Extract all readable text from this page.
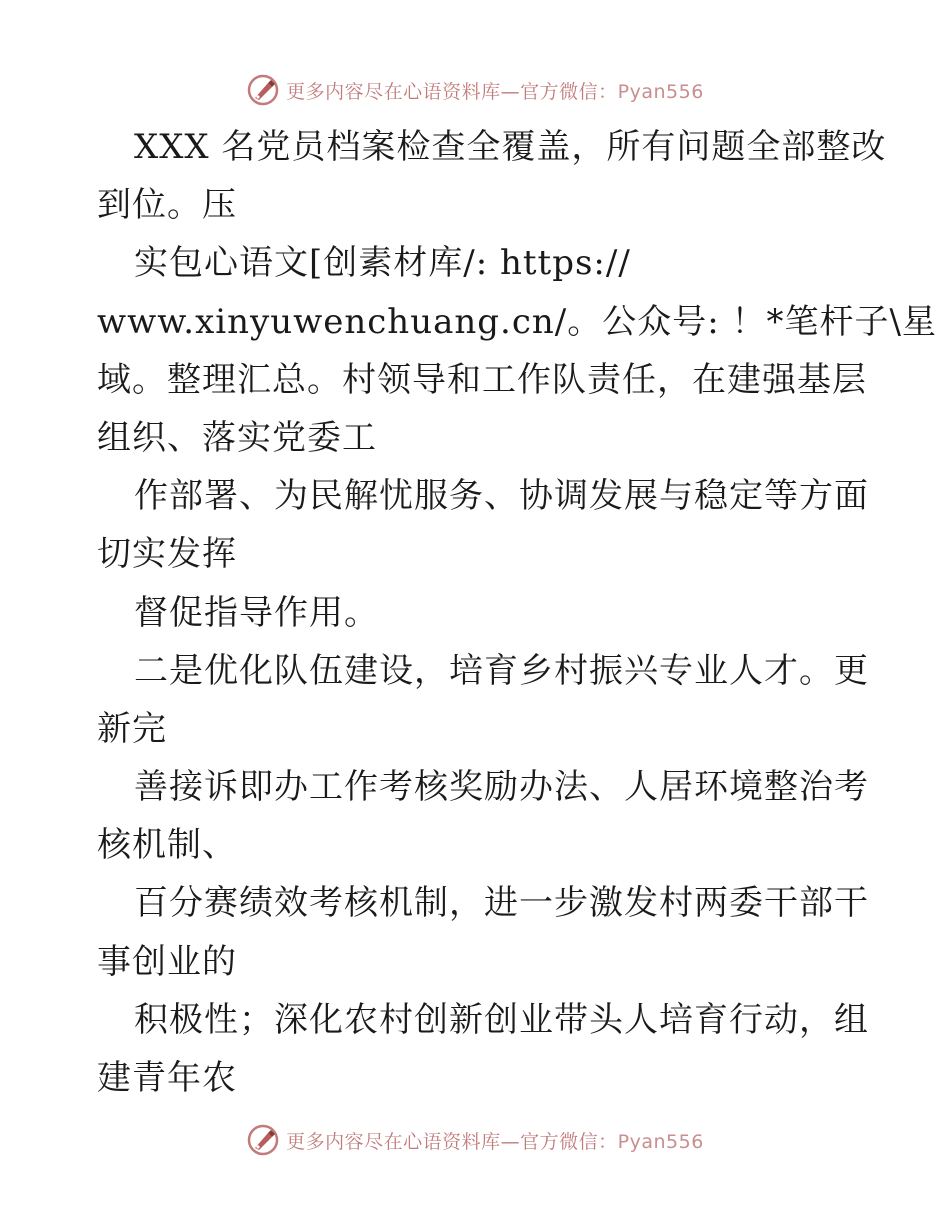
更多内容尽在心语资料库—官方微信：Pyan556
XXX 名党员档案检查全覆盖，所有问题全部整改
到位。压
实包心语文[创素材库/: https://
www.xinyuwenchuang.cn/。公众号: ！*笔杆子\星
域。整理汇总。村领导和工作队责任，在建强基层
组织、落实党委工
作部署、为民解忧服务、协调发展与稳定等方面
切实发挥
督促指导作用。
二是优化队伍建设，培育乡村振兴专业人才。更
新完
善接诉即办工作考核奖励办法、人居环境整治考
核机制、
百分赛绩效考核机制，进一步激发村两委干部干
事创业的
积极性；深化农村创新创业带头人培育行动，组
建青年农
更多内容尽在心语资料库—官方微信：Pyan556
